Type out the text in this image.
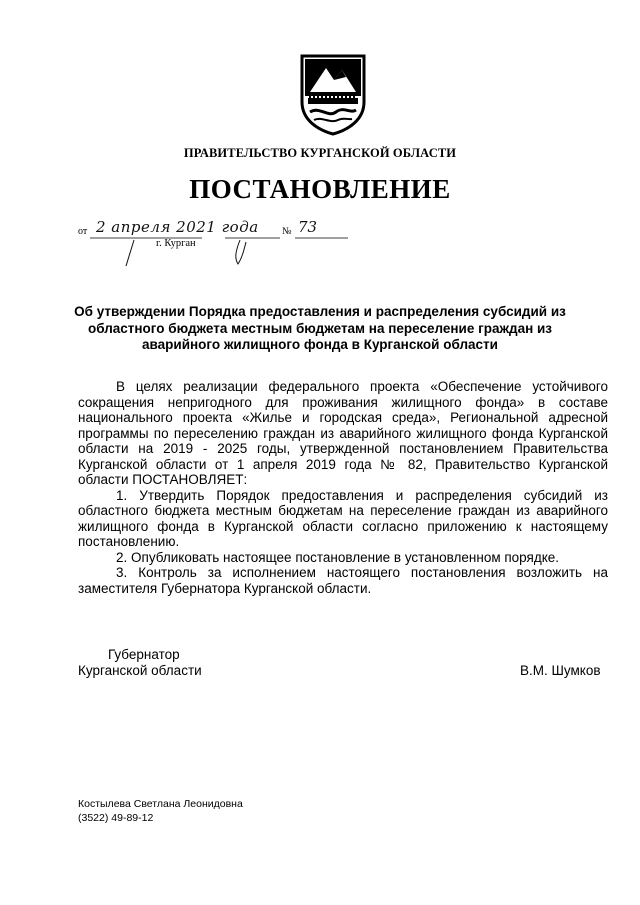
ПРАВИТЕЛЬСТВО КУРГАНСКОЙ ОБЛАСТИ
ПОСТАНОВЛЕНИЕ
от 2 апреля 2021 года № 73
г. Курган
Об утверждении Порядка предоставления и распределения субсидий из областного бюджета местным бюджетам на переселение граждан из аварийного жилищного фонда в Курганской области

В целях реализации федерального проекта «Обеспечение устойчивого сокращения непригодного для проживания жилищного фонда» в составе национального проекта «Жилье и городская среда», Региональной адресной программы по переселению граждан из аварийного жилищного фонда Курганской области на 2019 - 2025 годы, утвержденной постановлением Правительства Курганской области от 1 апреля 2019 года № 82, Правительство Курганской области ПОСТАНОВЛЯЕТ:

1. Утвердить Порядок предоставления и распределения субсидий из областного бюджета местным бюджетам на переселение граждан из аварийного жилищного фонда в Курганской области согласно приложению к настоящему постановлению.

2. Опубликовать настоящее постановление в установленном порядке.

3. Контроль за исполнением настоящего постановления возложить на заместителя Губернатора Курганской области.

Губернатор
Курганской области	В.М. Шумков
Костылева Светлана Леонидовна
(3522) 49-89-12
